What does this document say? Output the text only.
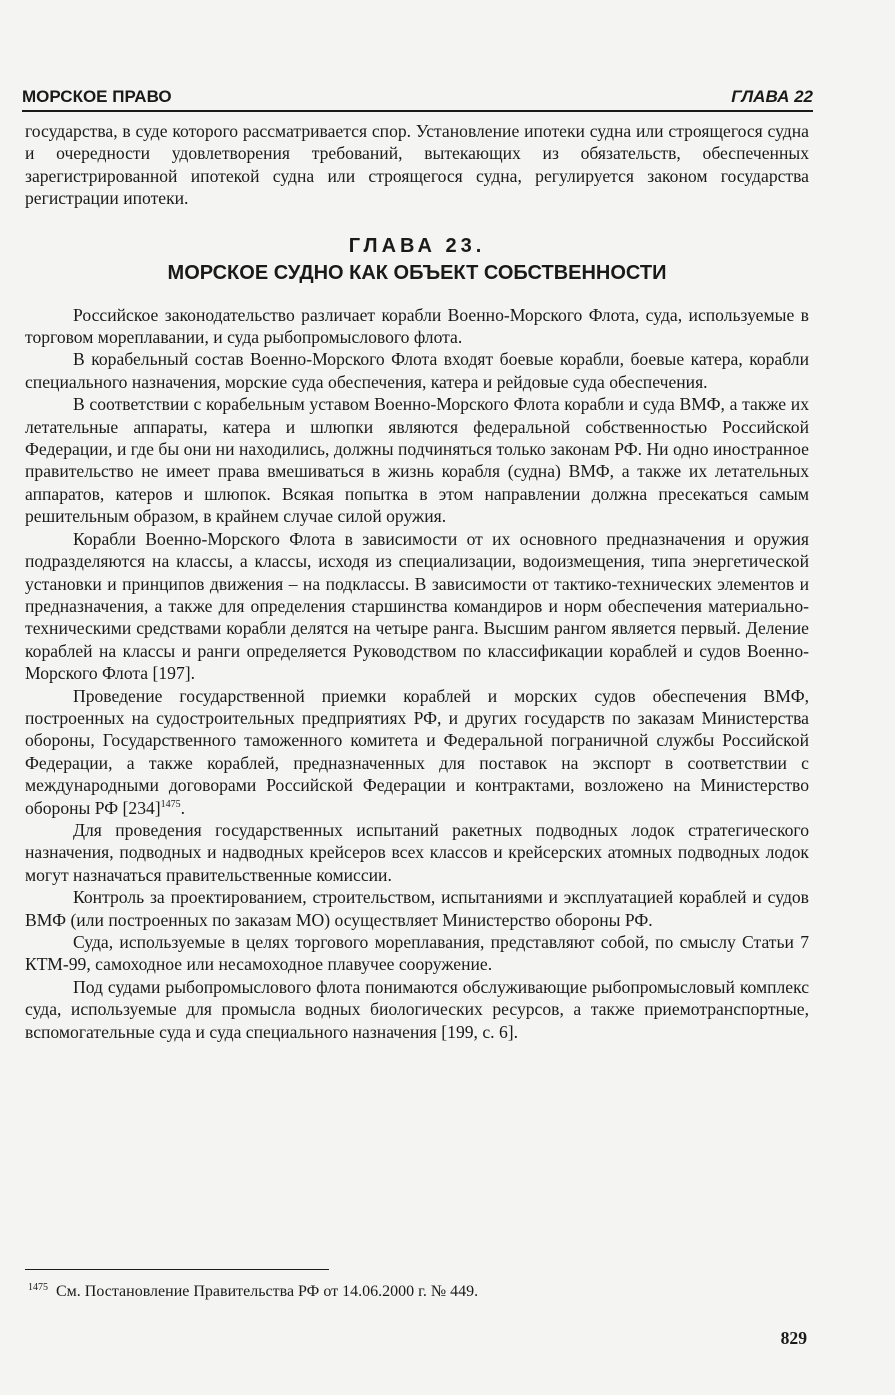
МОРСКОЕ ПРАВО	ГЛАВА 22

государства, в суде которого рассматривается спор. Установление ипотеки судна или строящегося судна и очередности удовлетворения требований, вытекающих из обязательств, обеспеченных зарегистрированной ипотекой судна или строящегося судна, регулируется законом государства регистрации ипотеки.

ГЛАВА 23.
МОРСКОЕ СУДНО КАК ОБЪЕКТ СОБСТВЕННОСТИ

Российское законодательство различает корабли Военно-Морского Флота, суда, используемые в торговом мореплавании, и суда рыбопромыслового флота.

В корабельный состав Военно-Морского Флота входят боевые корабли, боевые катера, корабли специального назначения, морские суда обеспечения, катера и рейдовые суда обеспечения.

В соответствии с корабельным уставом Военно-Морского Флота корабли и суда ВМФ, а также их летательные аппараты, катера и шлюпки являются федеральной собственностью Российской Федерации, и где бы они ни находились, должны подчиняться только законам РФ. Ни одно иностранное правительство не имеет права вмешиваться в жизнь корабля (судна) ВМФ, а также их летательных аппаратов, катеров и шлюпок. Всякая попытка в этом направлении должна пресекаться самым решительным образом, в крайнем случае силой оружия.

Корабли Военно-Морского Флота в зависимости от их основного предназначения и оружия подразделяются на классы, а классы, исходя из специализации, водоизмещения, типа энергетической установки и принципов движения – на подклассы. В зависимости от тактико-технических элементов и предназначения, а также для определения старшинства командиров и норм обеспечения материально-техническими средствами корабли делятся на четыре ранга. Высшим рангом является первый. Деление кораблей на классы и ранги определяется Руководством по классификации кораблей и судов Военно-Морского Флота [197].

Проведение государственной приемки кораблей и морских судов обеспечения ВМФ, построенных на судостроительных предприятиях РФ, и других государств по заказам Министерства обороны, Государственного таможенного комитета и Федеральной пограничной службы Российской Федерации, а также кораблей, предназначенных для поставок на экспорт в соответствии с международными договорами Российской Федерации и контрактами, возложено на Министерство обороны РФ $[234]^{1475}$.

Для проведения государственных испытаний ракетных подводных лодок стратегического назначения, подводных и надводных крейсеров всех классов и крейсерских атомных подводных лодок могут назначаться правительственные комиссии.

Контроль за проектированием, строительством, испытаниями и эксплуатацией кораблей и судов ВМФ (или построенных по заказам МО) осуществляет Министерство обороны РФ.

Суда, используемые в целях торгового мореплавания, представляют собой, по смыслу Статьи 7 КТМ-99, самоходное или несамоходное плавучее сооружение.

Под судами рыбопромыслового флота понимаются обслуживающие рыбопромысловый комплекс суда, используемые для промысла водных биологических ресурсов, а также приемотранспортные, вспомогательные суда и суда специального назначения [199, с. 6].

$^{1475}$ См. Постановление Правительства РФ от 14.06.2000 г. № 449.
829
